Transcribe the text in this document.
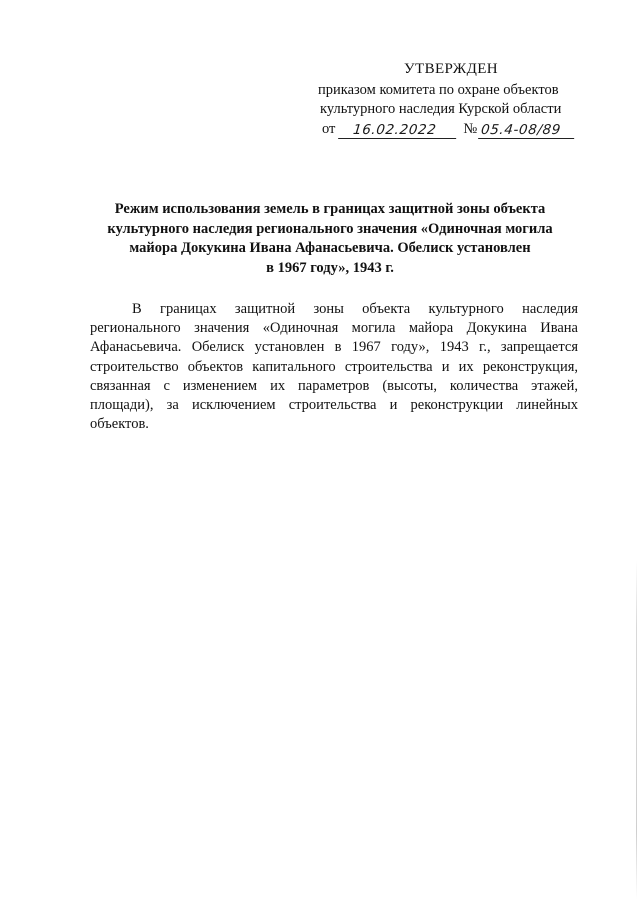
УТВЕРЖДЕН
приказом комитета по охране объектов
культурного наследия Курской области
от	16.02.2022	№ 05.4-08/89
Режим использования земель в границах защитной зоны объекта
культурного наследия регионального значения «Одиночная могила
майора Докукина Ивана Афанасьевича. Обелиск установлен
в 1967 году», 1943 г.
В границах защитной зоны объекта культурного наследия
регионального значения «Одиночная могила майора Докукина Ивана
Афанасьевича. Обелиск установлен в 1967 году», 1943 г., запрещается
строительство объектов капитального строительства и их реконструкция,
связанная с изменением их параметров (высоты, количества этажей,
площади), за исключением строительства и реконструкции линейных
объектов.
